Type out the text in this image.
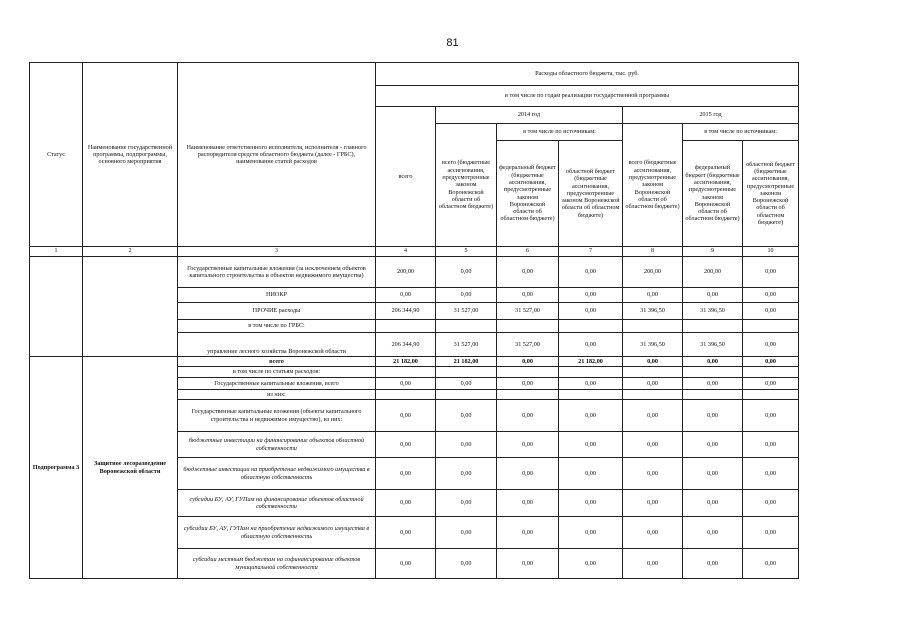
81
Статус	Наименование государственной программы, подпрограммы, основного мероприятия	Наименование ответственного исполнителя, исполнителя - главного распорядителя средств областного бюджета (далее - ГРБС), наименование статей расходов	Расходы областного бюджета, тыс. руб.						
			в том числе по годам реализации государственной программы						
			всего	2014 год			2015 год		
				всего (бюджетные ассигнования, предусмотренные законом Воронежской области об областном бюджете)	в том числе по источникам:		всего (бюджетные ассигнования, предусмотренные законом Воронежской области об областном бюджете)	в том числе по источникам:	
					федеральный бюджет (бюджетные ассигнования, предусмотренные законом Воронежской области об областном бюджете)	областной бюджет (бюджетные ассигнования, предусмотренные законом Воронежской области об областном бюджете)		федеральный бюджет (бюджетные ассигнования, предусмотренные законом Воронежской области об областном бюджете)	областной бюджет (бюджетные ассигнования, предусмотренные законом Воронежской области об областном бюджете)
1	2	3	4	5	6	7	8	9	10
		Государственные капитальные вложения (за исключением объектов капитального строительства и объектов недвижимого имущества)	200,00	0,00	0,00	0,00	200,00	200,00	0,00
		НИОКР	0,00	0,00	0,00	0,00	0,00	0,00	0,00
		ПРОЧИЕ расходы	206 344,90	31 527,00	31 527,00	0,00	31 396,50	31 396,50	0,00
		в том числе по ГРБС:							
		управление лесного хозяйства Воронежской области	206 344,90	31 527,00	31 527,00	0,00	31 396,50	31 396,50	0,00
Подпрограмма 3	Защитное лесоразведение Воронежской области	всего	21 182,00	21 182,00	0,00	21 182,00	0,00	0,00	0,00
		в том числе по статьям расходов:							
		Государственные капитальные вложения, всего	0,00	0,00	0,00	0,00	0,00	0,00	0,00
		из них:							
		Государственные капитальные вложения (объекты капитального строительства и недвижимое имущество), из них:	0,00	0,00	0,00	0,00	0,00	0,00	0,00
		бюджетные инвестиции на финансирование объектов областной собственности	0,00	0,00	0,00	0,00	0,00	0,00	0,00
		бюджетные инвестиции на приобретение недвижимого имущества в областную собственность	0,00	0,00	0,00	0,00	0,00	0,00	0,00
		субсидии БУ, АУ, ГУПам на финансирование объектов областной собственности	0,00	0,00	0,00	0,00	0,00	0,00	0,00
		субсидии БУ, АУ, ГУПам на приобретение недвижимого имущества в областную собственность	0,00	0,00	0,00	0,00	0,00	0,00	0,00
		субсидии местным бюджетам на софинансирование объектов муниципальной собственности	0,00	0,00	0,00	0,00	0,00	0,00	0,00
